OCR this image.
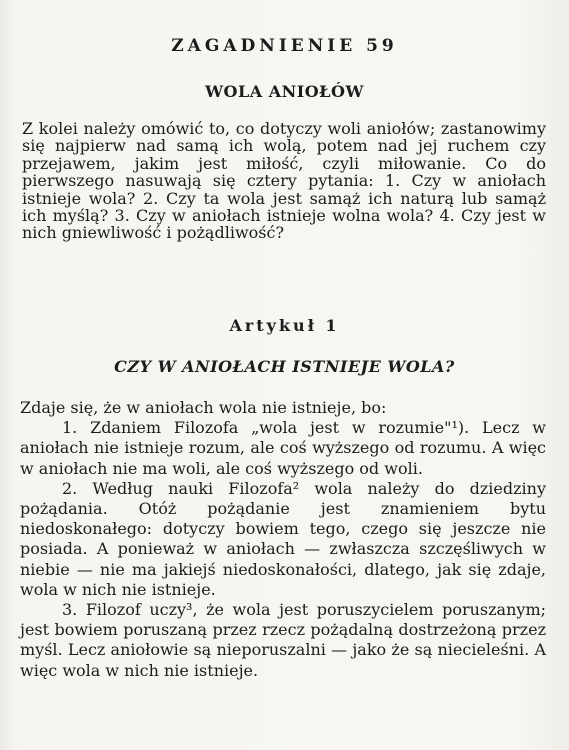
ZAGADNIENIE 59
WOLA ANIOŁÓW

Z kolei należy omówić to, co dotyczy woli aniołów; zastanowimy się najpierw nad samą ich wolą, potem nad jej ruchem czy przejawem, jakim jest miłość, czyli miłowanie. Co do pierwszego nasuwają się cztery pytania: 1. Czy w aniołach istnieje wola? 2. Czy ta wola jest samąż ich naturą lub samąż ich myślą? 3. Czy w aniołach istnieje wolna wola? 4. Czy jest w nich gniewliwość i pożądliwość?

Artykuł 1
CZY W ANIOŁACH ISTNIEJE WOLA?

Zdaje się, że w aniołach wola nie istnieje, bo:

1. Zdaniem Filozofa „wola jest w rozumie"¹). Lecz w aniołach nie istnieje rozum, ale coś wyższego od rozumu. A więc w aniołach nie ma woli, ale coś wyższego od woli.

2. Według nauki Filozofa² wola należy do dziedziny pożądania. Otóż pożądanie jest znamieniem bytu niedoskonałego: dotyczy bowiem tego, czego się jeszcze nie posiada. A ponieważ w aniołach — zwłaszcza szczęśliwych w niebie — nie ma jakiejś niedoskonałości, dlatego, jak się zdaje, wola w nich nie istnieje.

3. Filozof uczy³, że wola jest poruszycielem poruszanym; jest bowiem poruszaną przez rzecz pożądalną dostrzeżoną przez myśl. Lecz aniołowie są nieporuszalni — jako że są niecieleśni. A więc wola w nich nie istnieje.
